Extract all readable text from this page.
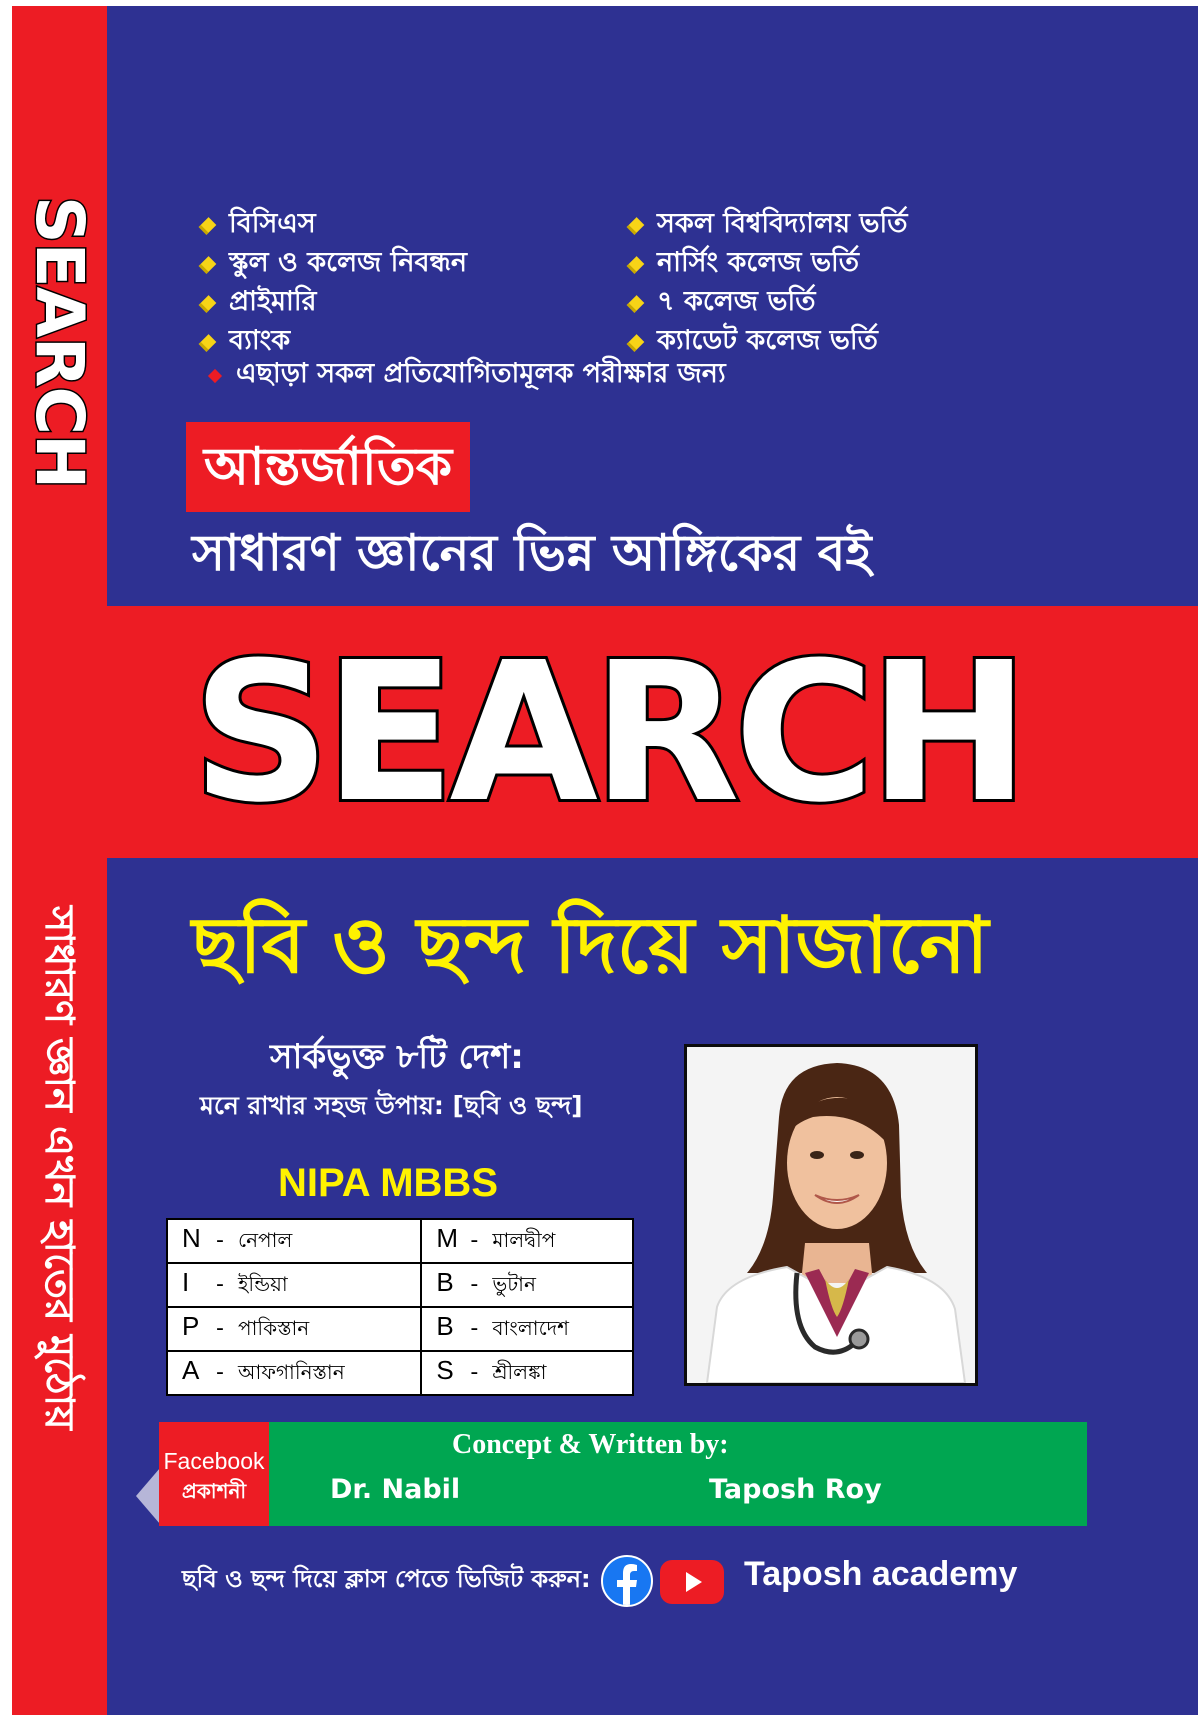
SEARCH
সাধারণ জ্ঞান এখন হাতের মুঠোয়
বিসিএস
স্কুল ও কলেজ নিবন্ধন
প্রাইমারি
ব্যাংক
সকল বিশ্ববিদ্যালয় ভর্তি
নার্সিং কলেজ ভর্তি
৭ কলেজ ভর্তি
ক্যাডেট কলেজ ভর্তি
এছাড়া সকল প্রতিযোগিতামূলক পরীক্ষার জন্য
আন্তর্জাতিক
সাধারণ জ্ঞানের ভিন্ন আঙ্গিকের বই
SEARCH
ছবি ও ছন্দ দিয়ে সাজানো
সার্কভুক্ত ৮টি দেশ:
মনে রাখার সহজ উপায়: [ছবি ও ছন্দ]
NIPA MBBS
N - নেপাল	M - মালদ্বীপ
I - ইন্ডিয়া	B - ভুটান
P - পাকিস্তান	B - বাংলাদেশ
A - আফগানিস্তান	S - শ্রীলঙ্কা
Facebook
প্রকাশনী
Concept & Written by:
Dr. Nabil	Taposh Roy
ছবি ও ছন্দ দিয়ে ক্লাস পেতে ভিজিট করুন:	Taposh academy
